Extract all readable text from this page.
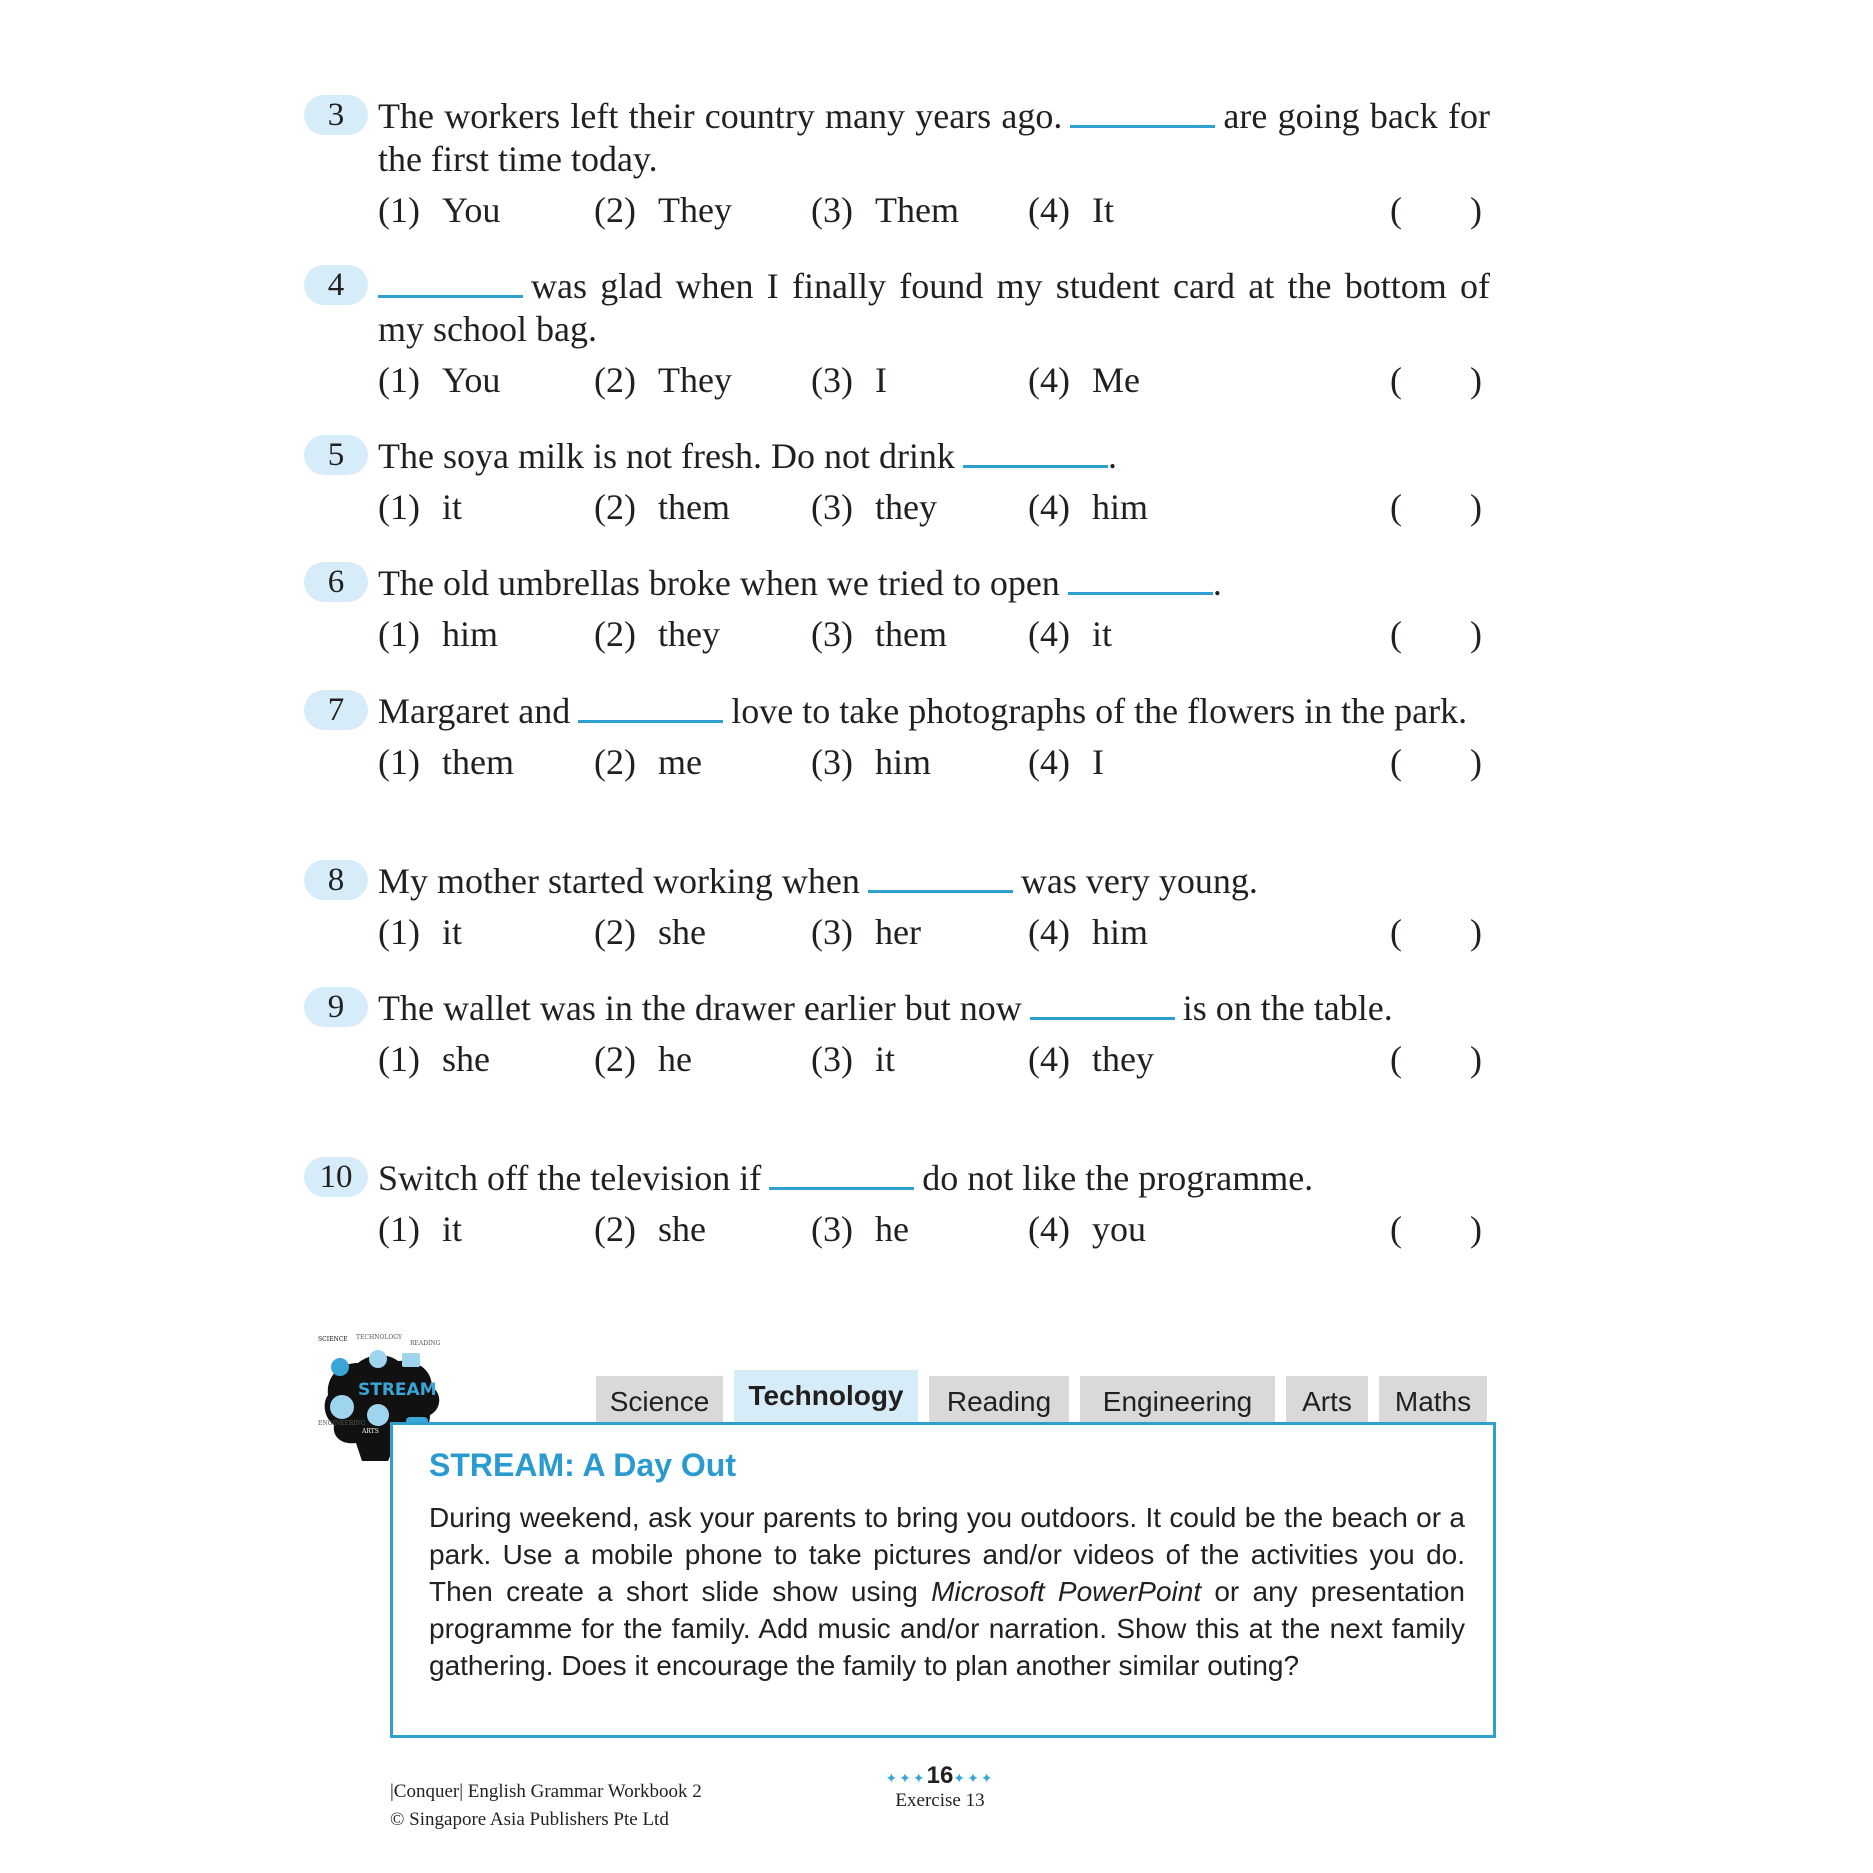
3 The workers left their country many years ago.	are going back for the first time today.

(1) You	(2) They (3) Them (4) It	( )
4	was glad when I finally found my student card at the bottom of my school bag.

(1) You	(2) They (3) I	(4) Me	( )
5 The soya milk is not fresh. Do not drink	.

(1) it	(2) them (3) they	(4) him	( )
6 The old umbrellas broke when we tried to open	.

(1) him	(2) they	(3) them (4) it	( )
7 Margaret and	love to take photographs of the flowers in the park.

(1) them (2) me	(3) him	(4) I	( )
8 My mother started working when	was very young.

(1) it	(2) she	(3) her	(4) him	( )
9 The wallet was in the drawer earlier but now	is on the table.

(1) she	(2) he	(3) it	(4) they	( )
10 Switch off the television if	do not like the programme.

(1) it	(2) she	(3) he	(4) you	( )
STREAM
SCIENCE TECHNOLOGY
READING
ENGINEERING
ARTS
Science	Technology	Reading	Engineering	Arts	Maths
STREAM: A Day Out
During weekend, ask your parents to bring you outdoors. It could be the beach or a park. Use a mobile phone to take pictures and/or videos of the activities you do. Then create a short slide show using Microsoft PowerPoint or any presentation programme for the family. Add music and/or narration. Show this at the next family gathering. Does it encourage the family to plan another similar outing?
|Conquer| English Grammar Workbook 2
© Singapore Asia Publishers Pte Ltd
✦✦✦16✦✦✦
Exercise 13
